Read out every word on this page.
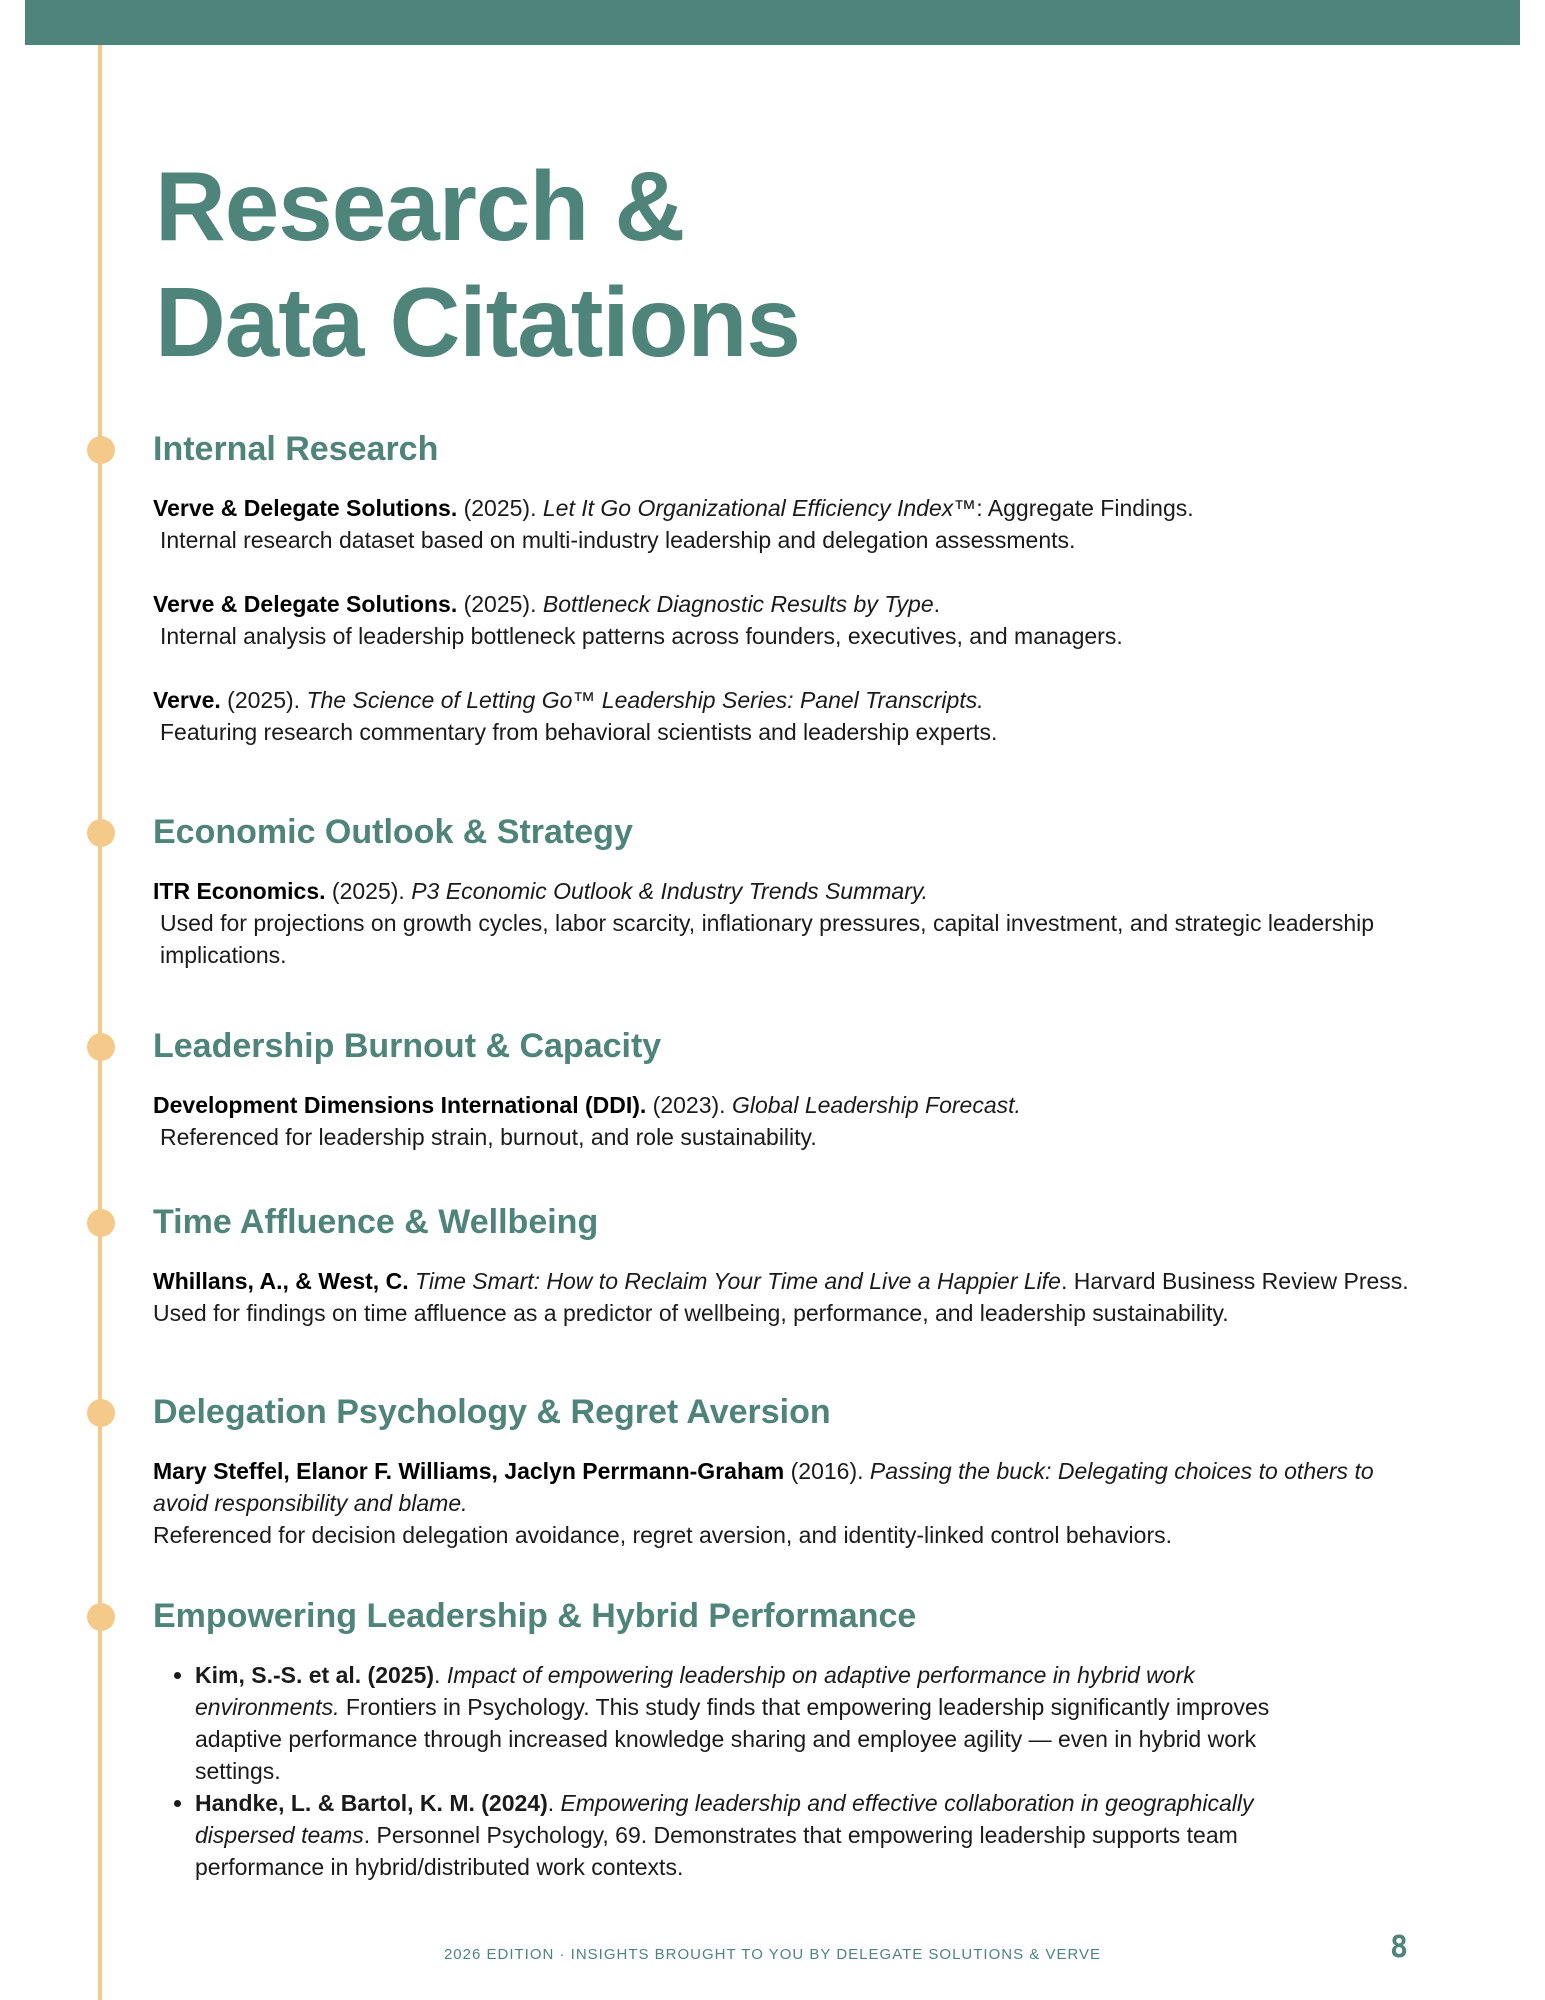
Research &
Data Citations
Internal Research
Verve & Delegate Solutions. (2025). Let It Go Organizational Efficiency Index™: Aggregate Findings.
Internal research dataset based on multi-industry leadership and delegation assessments.
Verve & Delegate Solutions. (2025). Bottleneck Diagnostic Results by Type.
Internal analysis of leadership bottleneck patterns across founders, executives, and managers.
Verve. (2025). The Science of Letting Go™ Leadership Series: Panel Transcripts.
Featuring research commentary from behavioral scientists and leadership experts.
Economic Outlook & Strategy
ITR Economics. (2025). P3 Economic Outlook & Industry Trends Summary.
Used for projections on growth cycles, labor scarcity, inflationary pressures, capital investment, and strategic leadership implications.
Leadership Burnout & Capacity
Development Dimensions International (DDI). (2023). Global Leadership Forecast.
Referenced for leadership strain, burnout, and role sustainability.
Time Affluence & Wellbeing
Whillans, A., & West, C. Time Smart: How to Reclaim Your Time and Live a Happier Life. Harvard Business Review Press. Used for findings on time affluence as a predictor of wellbeing, performance, and leadership sustainability.
Delegation Psychology & Regret Aversion
Mary Steffel, Elanor F. Williams, Jaclyn Perrmann-Graham (2016). Passing the buck: Delegating choices to others to avoid responsibility and blame.
Referenced for decision delegation avoidance, regret aversion, and identity-linked control behaviors.
Empowering Leadership & Hybrid Performance
• Kim, S.-S. et al. (2025). Impact of empowering leadership on adaptive performance in hybrid work environments. Frontiers in Psychology. This study finds that empowering leadership significantly improves adaptive performance through increased knowledge sharing and employee agility — even in hybrid work settings.
• Handke, L. & Bartol, K. M. (2024). Empowering leadership and effective collaboration in geographically dispersed teams. Personnel Psychology, 69. Demonstrates that empowering leadership supports team performance in hybrid/distributed work contexts.
2026 EDITION · INSIGHTS BROUGHT TO YOU BY DELEGATE SOLUTIONS & VERVE	8
